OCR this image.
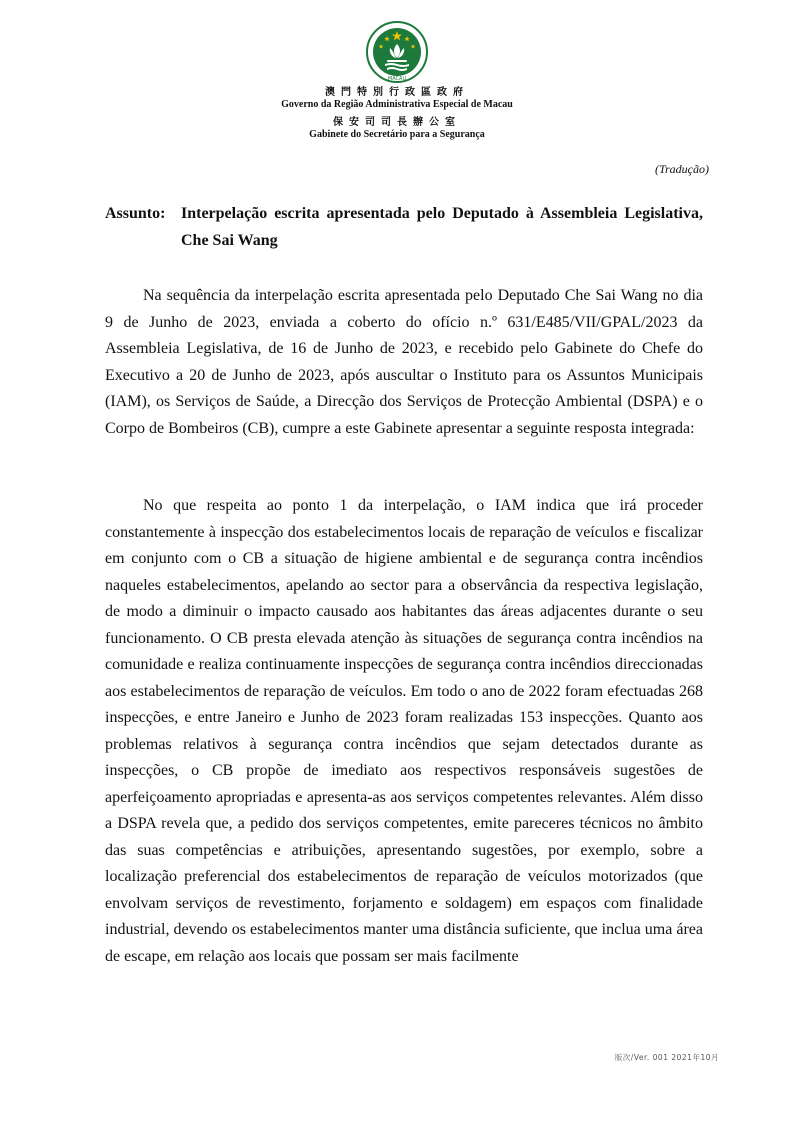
MACAU
澳門特別行政區政府
Governo da Região Administrativa Especial de Macau
保安司司長辦公室
Gabinete do Secretário para a Segurança
(Tradução)
Assunto: Interpelação escrita apresentada pelo Deputado à Assembleia Legislativa, Che Sai Wang

Na sequência da interpelação escrita apresentada pelo Deputado Che Sai Wang no dia 9 de Junho de 2023, enviada a coberto do ofício n.º 631/E485/VII/GPAL/2023 da Assembleia Legislativa, de 16 de Junho de 2023, e recebido pelo Gabinete do Chefe do Executivo a 20 de Junho de 2023, após auscultar o Instituto para os Assuntos Municipais (IAM), os Serviços de Saúde, a Direcção dos Serviços de Protecção Ambiental (DSPA) e o Corpo de Bombeiros (CB), cumpre a este Gabinete apresentar a seguinte resposta integrada:

No que respeita ao ponto 1 da interpelação, o IAM indica que irá proceder constantemente à inspecção dos estabelecimentos locais de reparação de veículos e fiscalizar em conjunto com o CB a situação de higiene ambiental e de segurança contra incêndios naqueles estabelecimentos, apelando ao sector para a observância da respectiva legislação, de modo a diminuir o impacto causado aos habitantes das áreas adjacentes durante o seu funcionamento. O CB presta elevada atenção às situações de segurança contra incêndios na comunidade e realiza continuamente inspecções de segurança contra incêndios direccionadas aos estabelecimentos de reparação de veículos. Em todo o ano de 2022 foram efectuadas 268 inspecções, e entre Janeiro e Junho de 2023 foram realizadas 153 inspecções. Quanto aos problemas relativos à segurança contra incêndios que sejam detectados durante as inspecções, o CB propõe de imediato aos respectivos responsáveis sugestões de aperfeiçoamento apropriadas e apresenta-as aos serviços competentes relevantes. Além disso a DSPA revela que, a pedido dos serviços competentes, emite pareceres técnicos no âmbito das suas competências e atribuições, apresentando sugestões, por exemplo, sobre a localização preferencial dos estabelecimentos de reparação de veículos motorizados (que envolvam serviços de revestimento, forjamento e soldagem) em espaços com finalidade industrial, devendo os estabelecimentos manter uma distância suficiente, que inclua uma área de escape, em relação aos locais que possam ser mais facilmente

版次/Ver. 001 2021年10月
